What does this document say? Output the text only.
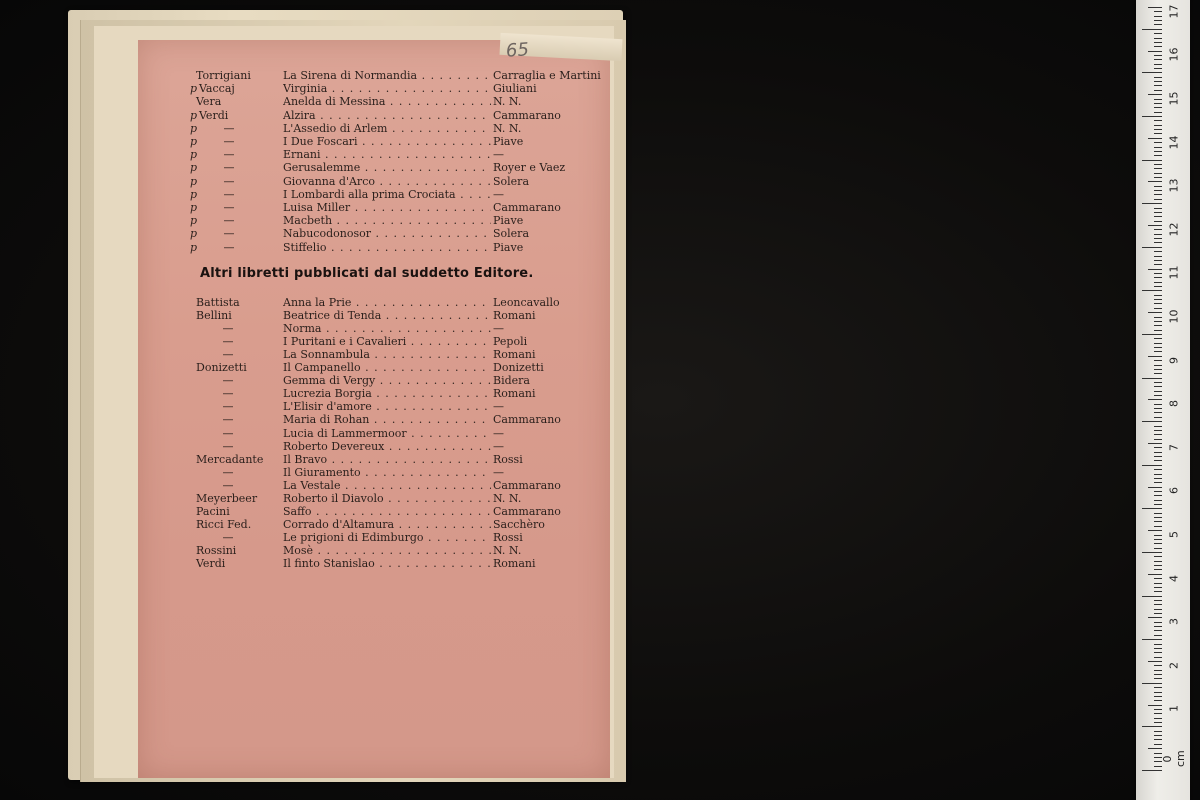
65
Torrigiani	La Sirena di Normandia . . .	Carraglia e Martini
p Vaccaj	Virginia . . .	Giuliani
Vera	Anelda di Messina . . .	N. N.
p Verdi	Alzira . . .	Cammarano
p	—	L'Assedio di Arlem . . .	N. N.
p	—	I Due Foscari . . .	Piave
p	—	Ernani . . .	—
p	—	Gerusalemme . . .	Royer e Vaez
p	—	Giovanna d'Arco . . .	Solera
p	—	I Lombardi alla prima Crociata . . .	—
p	—	Luisa Miller . . .	Cammarano
p	—	Macbeth . . .	Piave
p	—	Nabucodonosor . . .	Solera
p	—	Stiffelio . . .	Piave
Altri libretti pubblicati dal suddetto Editore.
Battista	Anna la Prie . . .	Leoncavallo
Bellini	Beatrice di Tenda . . .	Romani
—	Norma . . .	—
—	I Puritani e i Cavalieri . . .	Pepoli
—	La Sonnambula . . .	Romani
Donizetti	Il Campanello . . .	Donizetti
—	Gemma di Vergy . . .	Bidera
—	Lucrezia Borgia . . .	Romani
—	L'Elisir d'amore . . .	—
—	Maria di Rohan . . .	Cammarano
—	Lucia di Lammermoor . . .	—
—	Roberto Devereux . . .	—
Mercadante	Il Bravo . . .	Rossi
—	Il Giuramento . . .	—
—	La Vestale . . .	Cammarano
Meyerbeer	Roberto il Diavolo . . .	N. N.
Pacini	Saffo . . .	Cammarano
Ricci Fed.	Corrado d'Altamura . . .	Sacchèro
—	Le prigioni di Edimburgo . . .	Rossi
Rossini	Mosè . . .	N. N.
Verdi	Il finto Stanislao . . .	Romani
17
16
15
14
13
12
11
10
9
8
7
6
5
4
3
2
1
0 cm
